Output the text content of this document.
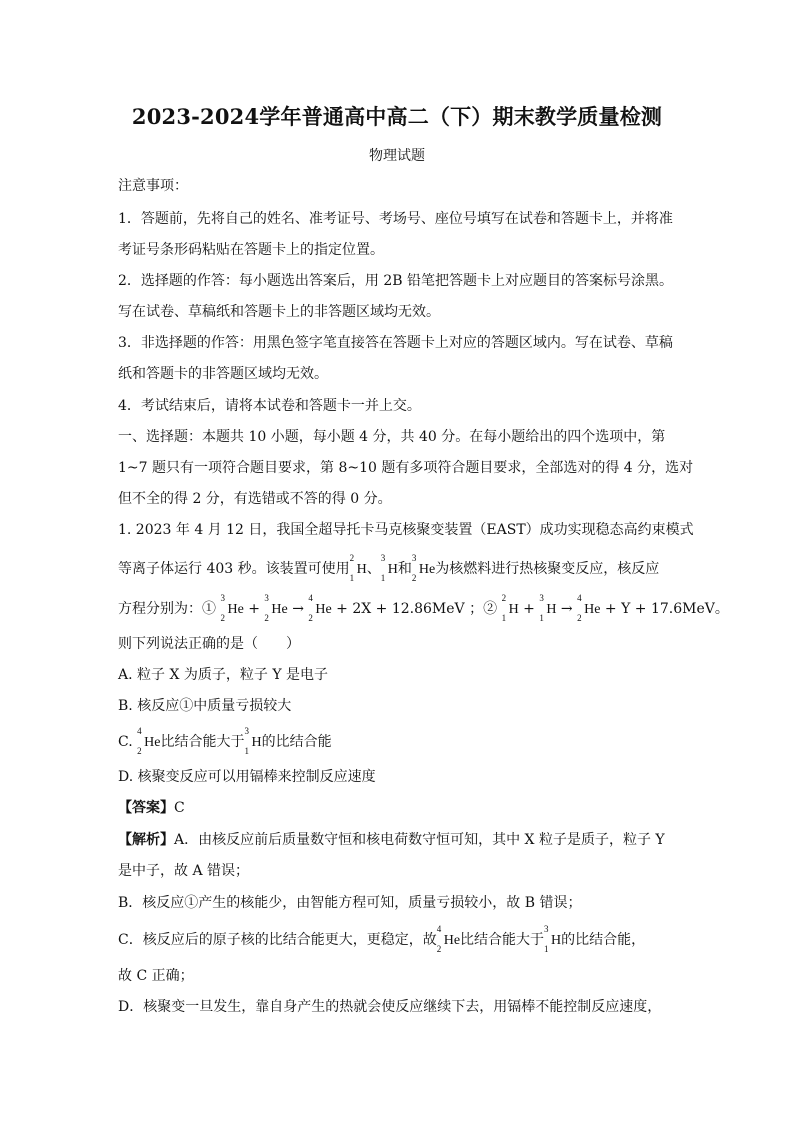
2023-2024学年普通高中高二（下）期末教学质量检测
物理试题
注意事项：
1．答题前，先将自己的姓名、准考证号、考场号、座位号填写在试卷和答题卡上，并将准
考证号条形码粘贴在答题卡上的指定位置。
2．选择题的作答：每小题选出答案后，用 2B 铅笔把答题卡上对应题目的答案标号涂黑。
写在试卷、草稿纸和答题卡上的非答题区域均无效。
3．非选择题的作答：用黑色签字笔直接答在答题卡上对应的答题区域内。写在试卷、草稿
纸和答题卡的非答题区域均无效。
4．考试结束后，请将本试卷和答题卡一并上交。
一、选择题：本题共 10 小题，每小题 4 分，共 40 分。在每小题给出的四个选项中，第
1~7 题只有一项符合题目要求，第 8~10 题有多项符合题目要求，全部选对的得 4 分，选对
但不全的得 2 分，有选错或不答的得 0 分。
1. 2023 年 4 月 12 日，我国全超导托卡马克核聚变装置（EAST）成功实现稳态高约束模式
等离子体运行 403 秒。该装置可使用
2
1
H、
3
1
H和
3
2
He为核燃料进行热核聚变反应，核反应
方程分别为：①
3
2
He +
3
2
He →
4
2
He + 2X + 12.86MeV ；②
2
1
H +
3
1
H →
4
2
He + Y + 17.6MeV。
则下列说法正确的是（　　）
A. 粒子 X 为质子，粒子 Y 是电子
B. 核反应①中质量亏损较大
C.
4
2
He比结合能大于
3
1
H的比结合能
D. 核聚变反应可以用镉棒来控制反应速度
【答案】C
【解析】A．由核反应前后质量数守恒和核电荷数守恒可知，其中 X 粒子是质子，粒子 Y
是中子，故 A 错误；
B．核反应①产生的核能少，由智能方程可知，质量亏损较小，故 B 错误；
C．核反应后的原子核的比结合能更大，更稳定，故
4
2
He比结合能大于
3
1
H的比结合能，
故 C 正确；
D．核聚变一旦发生，靠自身产生的热就会使反应继续下去，用镉棒不能控制反应速度，
